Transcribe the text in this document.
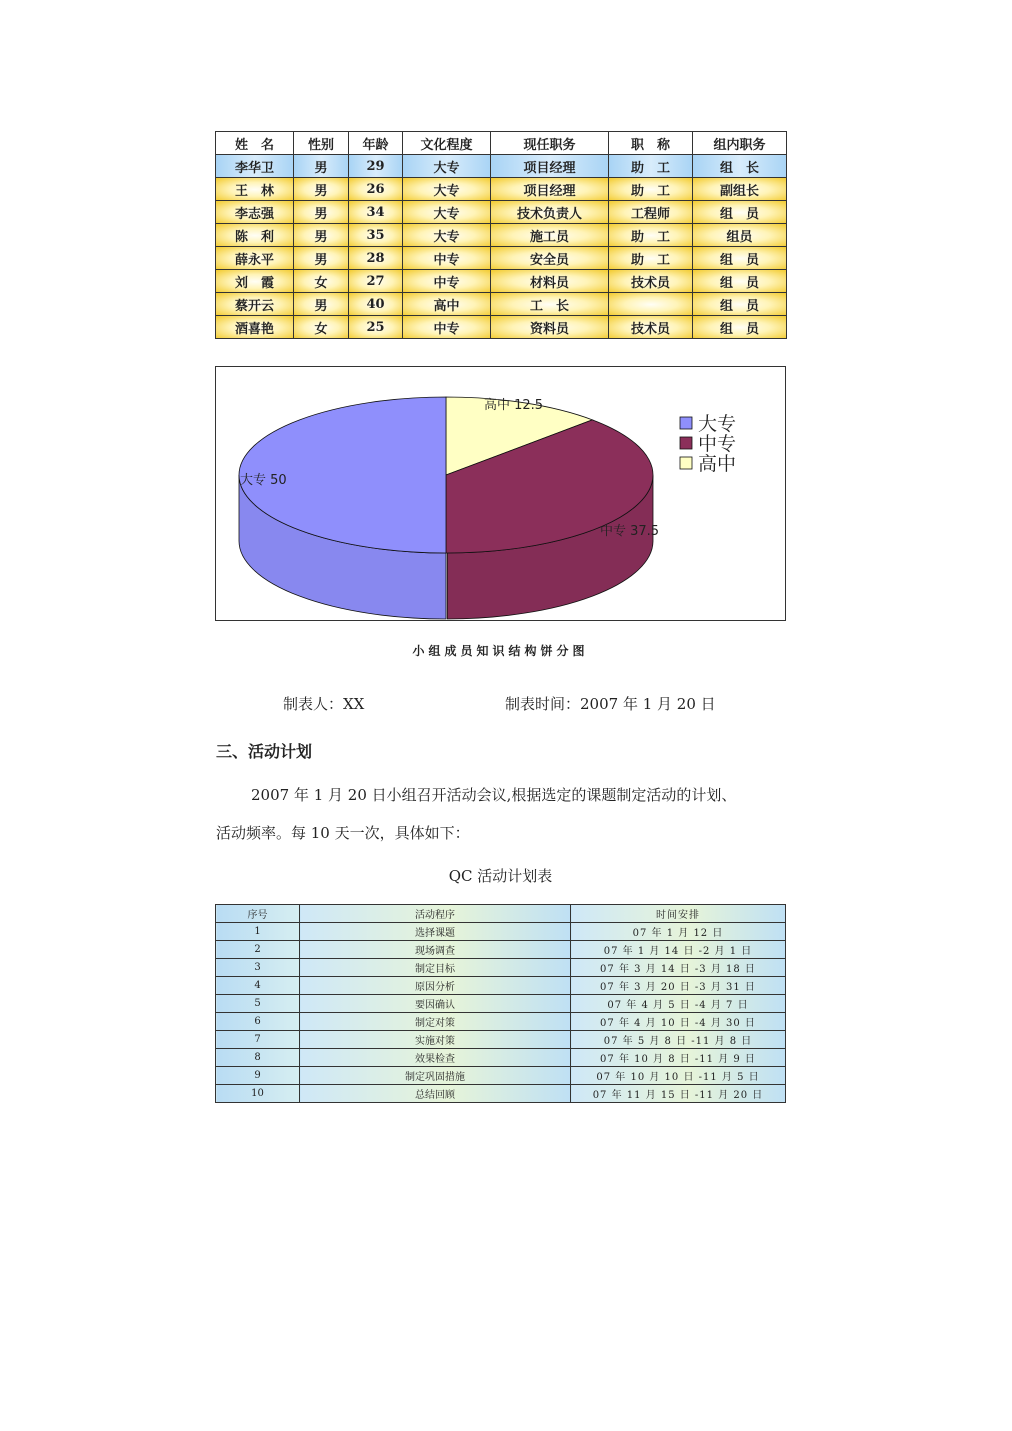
姓　名	性别	年龄	文化程度	现任职务	职　称	组内职务
李华卫	男	29	大专	项目经理	助　工	组　长
王　林	男	26	大专	项目经理	助　工	副组长
李志强	男	34	大专	技术负责人	工程师	组　员
陈　利	男	35	大专	施工员	助　工	组员
薛永平	男	28	中专	安全员	助　工	组　员
刘　霞	女	27	中专	材料员	技术员	组　员
蔡开云	男	40	高中	工　长		组　员
酒喜艳	女	25	中专	资料员	技术员	组　员
大专 50
中专 37.5
高中 12.5
大专
中专
高中
小组成员知识结构饼分图
制表人：XX	制表时间：2007 年 1 月 20 日
三、活动计划
2007 年 1 月 20 日小组召开活动会议,根据选定的课题制定活动的计划、
活动频率。每 10 天一次，具体如下：
QC 活动计划表
序号	活动程序	时间安排
1	选择课题	07 年 1 月 12 日
2	现场调查	07 年 1 月 14 日 -2 月 1 日
3	制定目标	07 年 3 月 14 日 -3 月 18 日
4	原因分析	07 年 3 月 20 日 -3 月 31 日
5	要因确认	07 年 4 月 5 日 -4 月 7 日
6	制定对策	07 年 4 月 10 日 -4 月 30 日
7	实施对策	07 年 5 月 8 日 -11 月 8 日
8	效果检查	07 年 10 月 8 日 -11 月 9 日
9	制定巩固措施	07 年 10 月 10 日 -11 月 5 日
10	总结回顾	07 年 11 月 15 日 -11 月 20 日
